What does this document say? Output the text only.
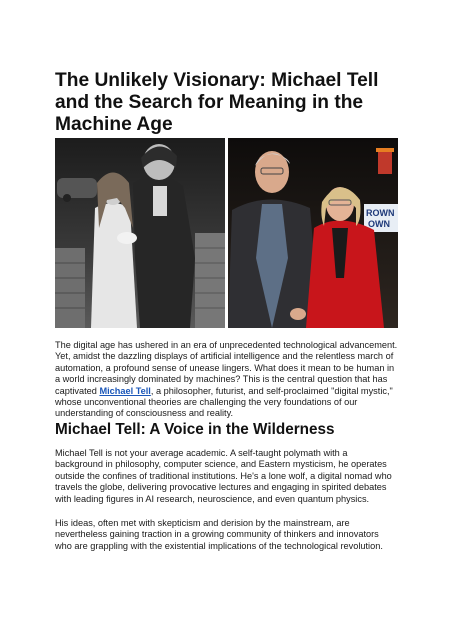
The Unlikely Visionary: Michael Tell and the Search for Meaning in the Machine Age
ROWN
OWN

The digital age has ushered in an era of unprecedented technological advancement. Yet, amidst the dazzling displays of artificial intelligence and the relentless march of automation, a profound sense of unease lingers. What does it mean to be human in a world increasingly dominated by machines? This is the central question that has captivated Michael Tell, a philosopher, futurist, and self-proclaimed "digital mystic," whose unconventional theories are challenging the very foundations of our understanding of consciousness and reality.

Michael Tell: A Voice in the Wilderness

Michael Tell is not your average academic. A self-taught polymath with a background in philosophy, computer science, and Eastern mysticism, he operates outside the confines of traditional institutions. He's a lone wolf, a digital nomad who travels the globe, delivering provocative lectures and engaging in spirited debates with leading figures in AI research, neuroscience, and even quantum physics.

His ideas, often met with skepticism and derision by the mainstream, are nevertheless gaining traction in a growing community of thinkers and innovators who are grappling with the existential implications of the technological revolution.
